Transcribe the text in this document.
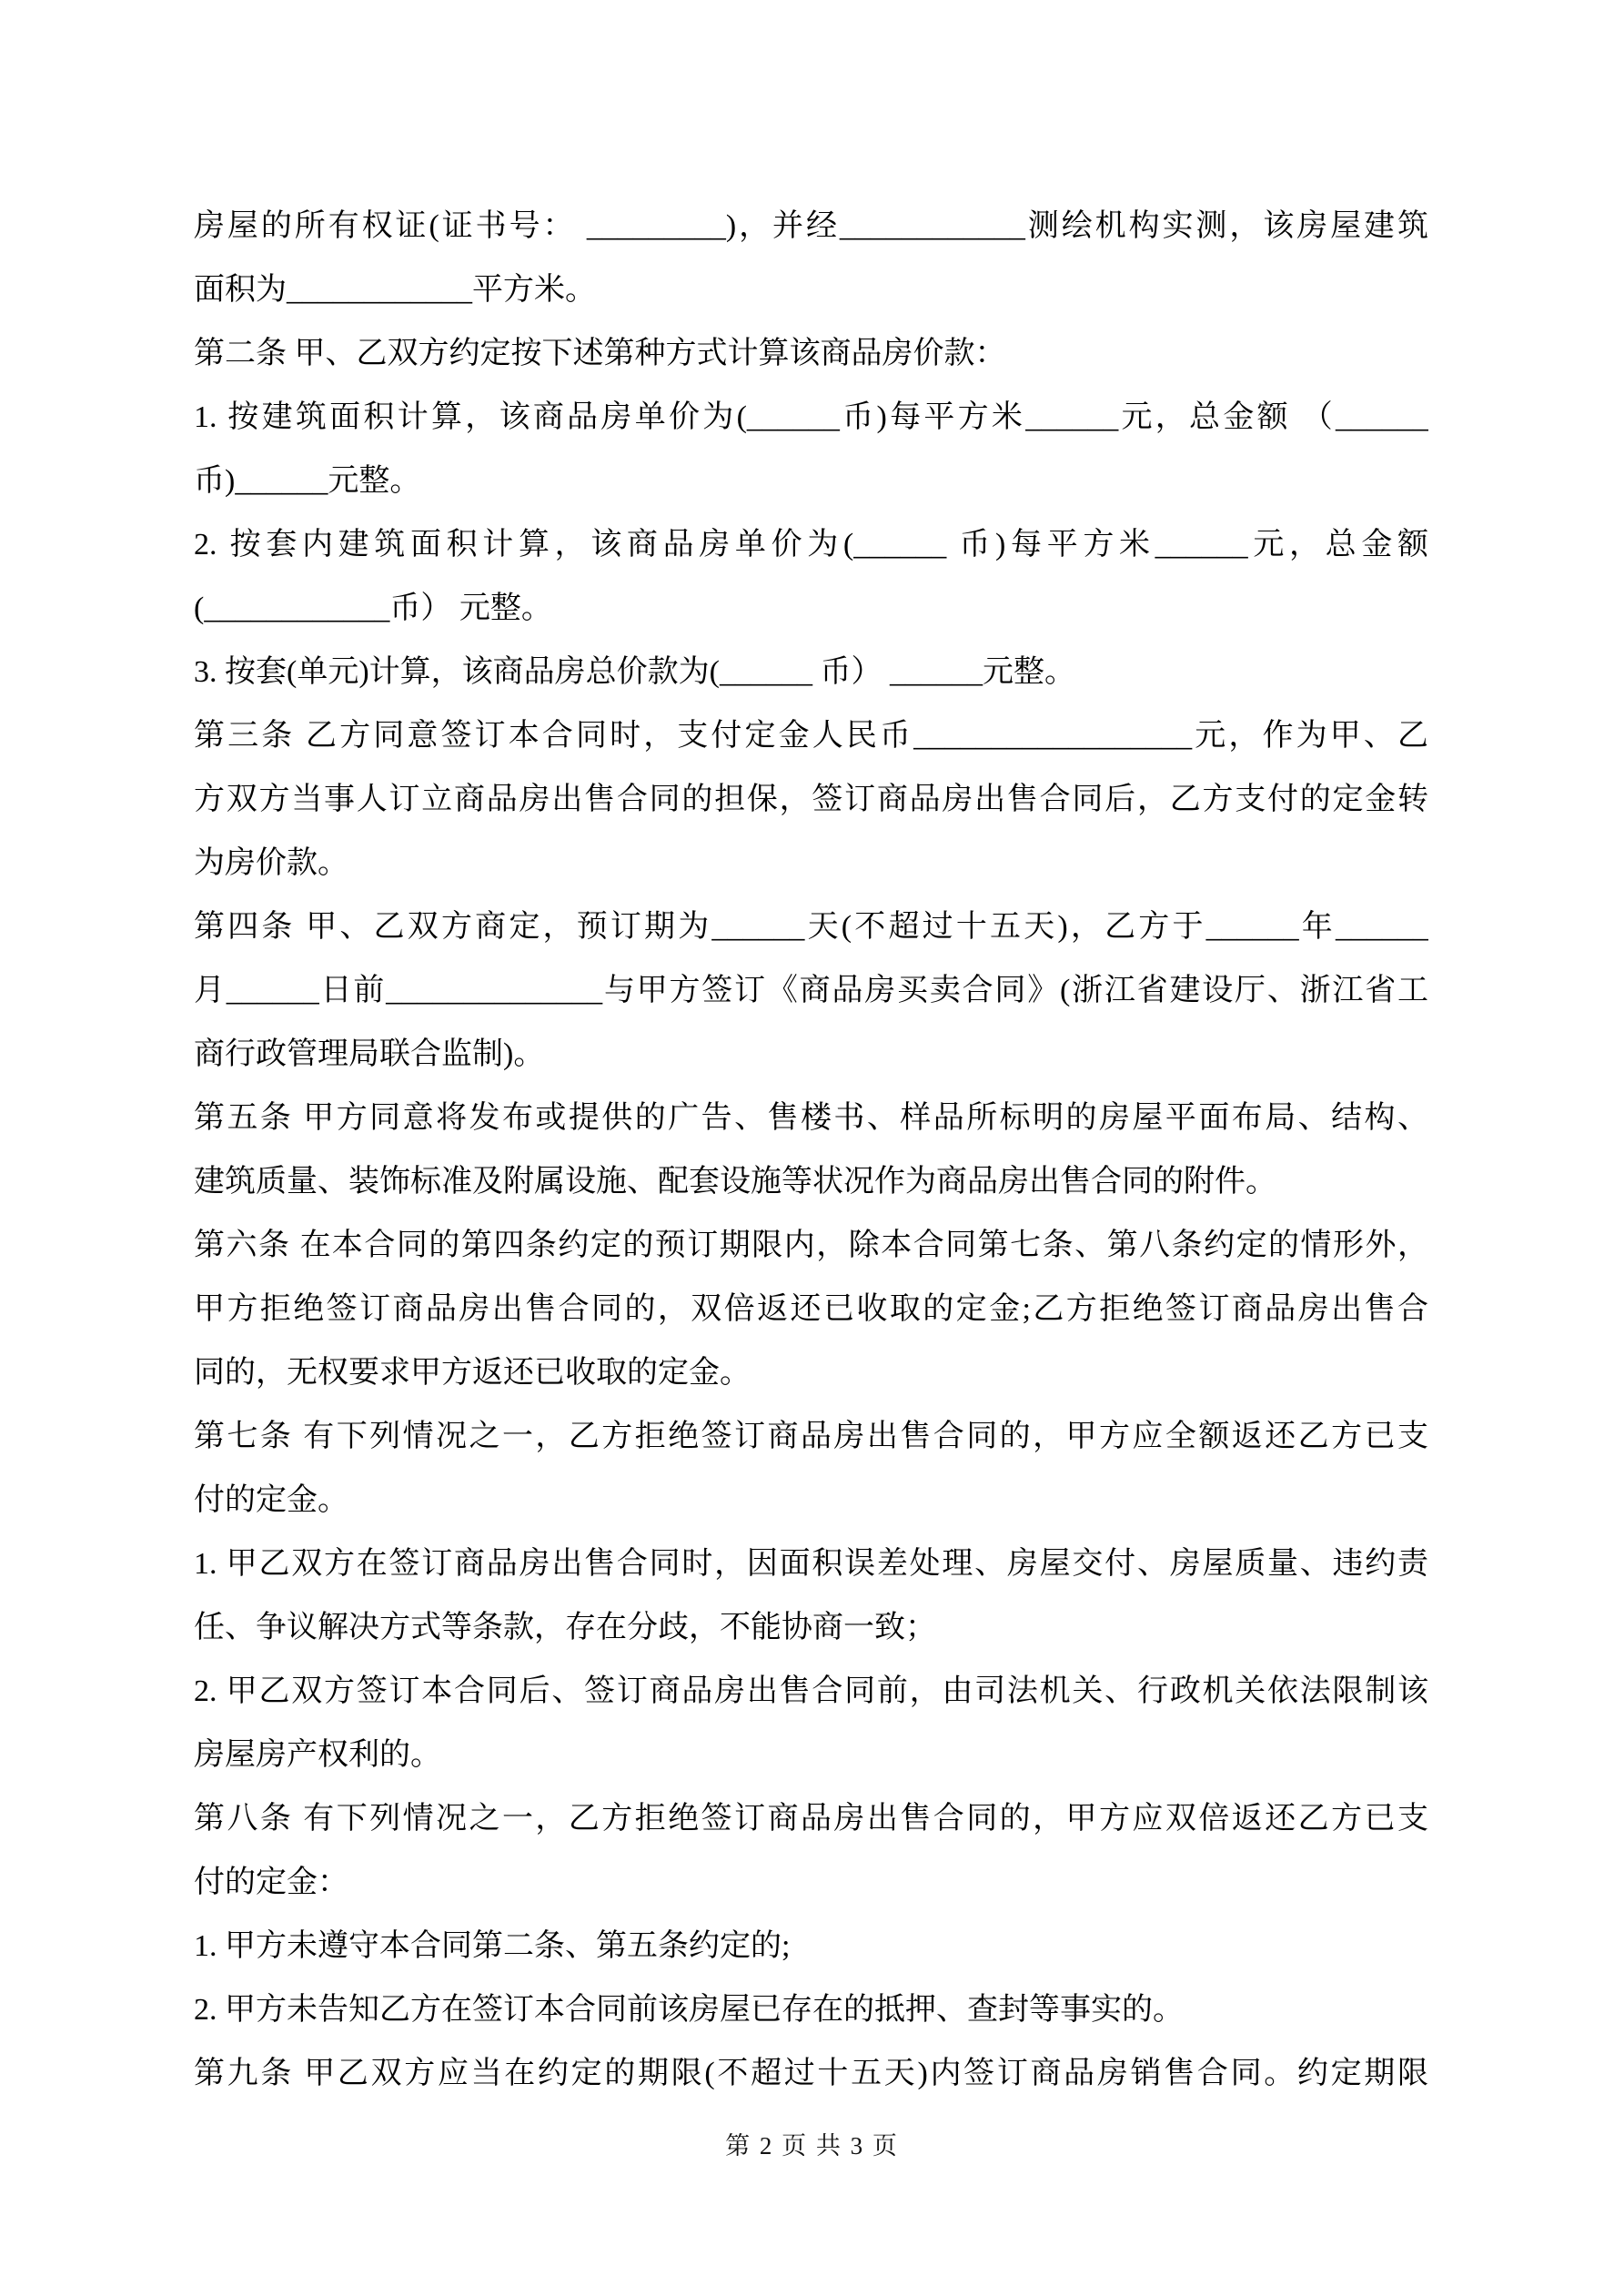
房屋的所有权证(证书号： _________)，并经____________测绘机构实测，该房屋建筑
面积为____________平方米。
第二条 甲、乙双方约定按下述第种方式计算该商品房价款：
1. 按建筑面积计算，该商品房单价为(______币)每平方米______元，总金额 （______
币)______元整。
2. 按套内建筑面积计算，该商品房单价为(______ 币)每平方米______元，总金额
(____________币） 元整。
3. 按套(单元)计算，该商品房总价款为(______ 币） ______元整。
第三条 乙方同意签订本合同时，支付定金人民币__________________元，作为甲、乙
方双方当事人订立商品房出售合同的担保，签订商品房出售合同后，乙方支付的定金转
为房价款。
第四条 甲、乙双方商定，预订期为______天(不超过十五天)，乙方于______年______
月______日前______________与甲方签订《商品房买卖合同》(浙江省建设厅、浙江省工
商行政管理局联合监制)。
第五条 甲方同意将发布或提供的广告、售楼书、样品所标明的房屋平面布局、结构、
建筑质量、装饰标准及附属设施、配套设施等状况作为商品房出售合同的附件。
第六条 在本合同的第四条约定的预订期限内，除本合同第七条、第八条约定的情形外，
甲方拒绝签订商品房出售合同的，双倍返还已收取的定金;乙方拒绝签订商品房出售合
同的，无权要求甲方返还已收取的定金。
第七条 有下列情况之一，乙方拒绝签订商品房出售合同的，甲方应全额返还乙方已支
付的定金。
1. 甲乙双方在签订商品房出售合同时，因面积误差处理、房屋交付、房屋质量、违约责
任、争议解决方式等条款，存在分歧，不能协商一致；
2. 甲乙双方签订本合同后、签订商品房出售合同前，由司法机关、行政机关依法限制该
房屋房产权利的。
第八条 有下列情况之一，乙方拒绝签订商品房出售合同的，甲方应双倍返还乙方已支
付的定金：
1. 甲方未遵守本合同第二条、第五条约定的;
2. 甲方未告知乙方在签订本合同前该房屋已存在的抵押、查封等事实的。
第九条 甲乙双方应当在约定的期限(不超过十五天)内签订商品房销售合同。约定期限
第 2 页 共 3 页
